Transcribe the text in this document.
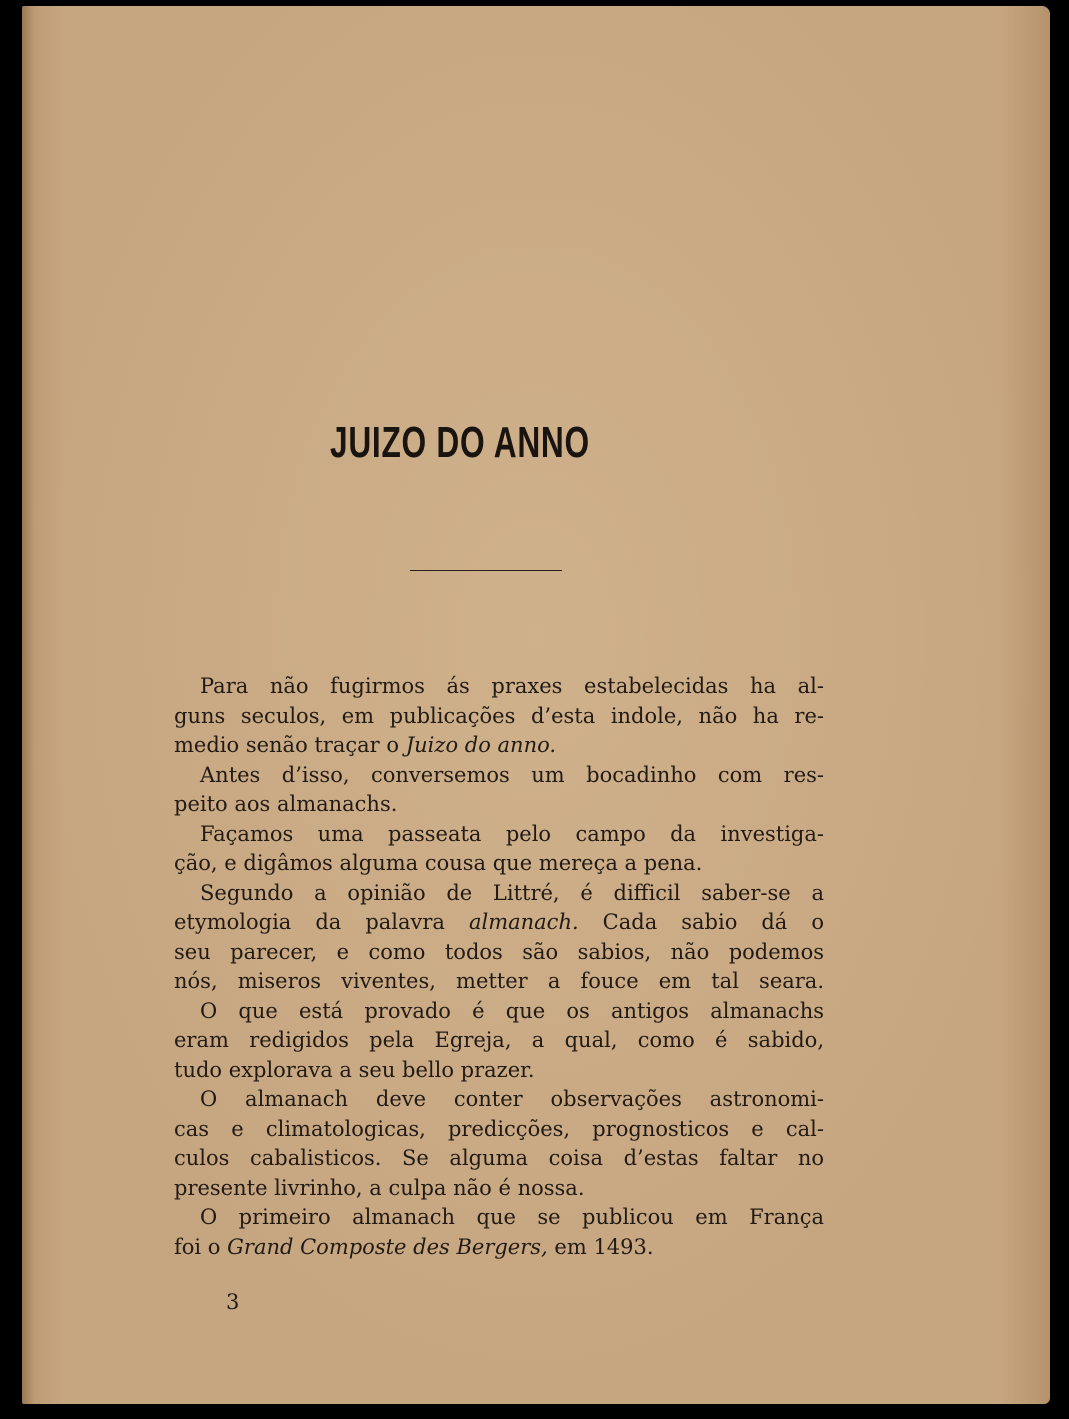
JUIZO DO ANNO
Para não fugirmos ás praxes estabelecidas ha al-
guns seculos, em publicações d’esta indole, não ha re-
medio senão traçar o Juizo do anno.
Antes d’isso, conversemos um bocadinho com res-
peito aos almanachs.
Façamos uma passeata pelo campo da investiga-
ção, e digâmos alguma cousa que mereça a pena.
Segundo a opinião de Littré, é difficil saber-se a
etymologia da palavra almanach. Cada sabio dá o
seu parecer, e como todos são sabios, não podemos
nós, miseros viventes, metter a fouce em tal seara.
O que está provado é que os antigos almanachs
eram redigidos pela Egreja, a qual, como é sabido,
tudo explorava a seu bello prazer.
O almanach deve conter observações astronomi-
cas e climatologicas, predicções, prognosticos e cal-
culos cabalisticos. Se alguma coisa d’estas faltar no
presente livrinho, a culpa não é nossa.
O primeiro almanach que se publicou em França
foi o Grand Composte des Bergers, em 1493.
3
